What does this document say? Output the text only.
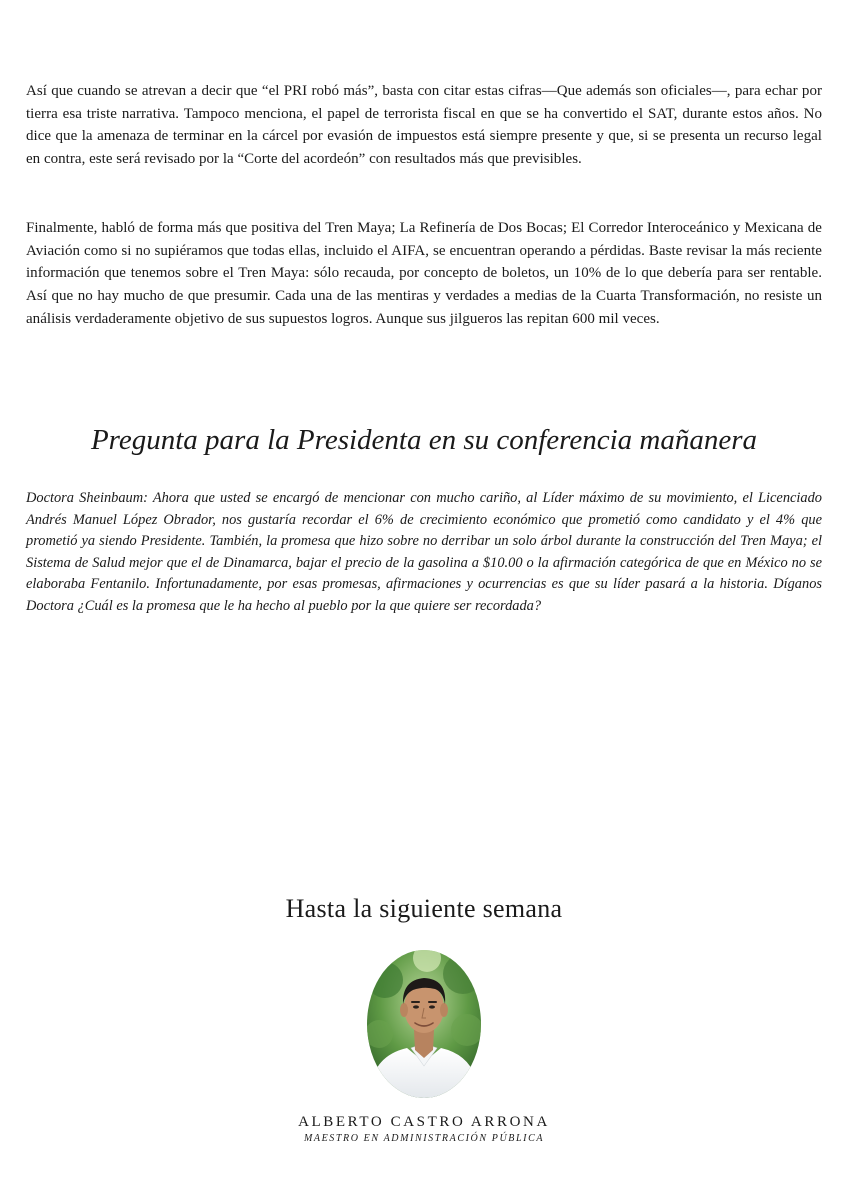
Así que cuando se atrevan a decir que “el PRI robó más”, basta con citar estas cifras—Que además son oficiales—, para echar por tierra esa triste narrativa. Tampoco menciona, el papel de terrorista fiscal en que se ha convertido el SAT, durante estos años. No dice que la amenaza de terminar en la cárcel por evasión de impuestos está siempre presente y que, si se presenta un recurso legal en contra, este será revisado por la “Corte del acordeón” con resultados más que previsibles.

Finalmente, habló de forma más que positiva del Tren Maya; La Refinería de Dos Bocas; El Corredor Interoceánico y Mexicana de Aviación como si no supiéramos que todas ellas, incluido el AIFA, se encuentran operando a pérdidas. Baste revisar la más reciente información que tenemos sobre el Tren Maya: sólo recauda, por concepto de boletos, un 10% de lo que debería para ser rentable. Así que no hay mucho de que presumir. Cada una de las mentiras y verdades a medias de la Cuarta Transformación, no resiste un análisis verdaderamente objetivo de sus supuestos logros. Aunque sus jilgueros las repitan 600 mil veces.

Pregunta para la Presidenta en su conferencia mañanera

Doctora Sheinbaum: Ahora que usted se encargó de mencionar con mucho cariño, al Líder máximo de su movimiento, el Licenciado Andrés Manuel López Obrador, nos gustaría recordar el 6% de crecimiento económico que prometió como candidato y el 4% que prometió ya siendo Presidente. También, la promesa que hizo sobre no derribar un solo árbol durante la construcción del Tren Maya; el Sistema de Salud mejor que el de Dinamarca, bajar el precio de la gasolina a $10.00 o la afirmación categórica de que en México no se elaboraba Fentanilo. Infortunadamente, por esas promesas, afirmaciones y ocurrencias es que su líder pasará a la historia. Díganos Doctora ¿Cuál es la promesa que le ha hecho al pueblo por la que quiere ser recordada?

Hasta la siguiente semana

ALBERTO CASTRO ARRONA

MAESTRO EN ADMINISTRACIÓN PÚBLICA
